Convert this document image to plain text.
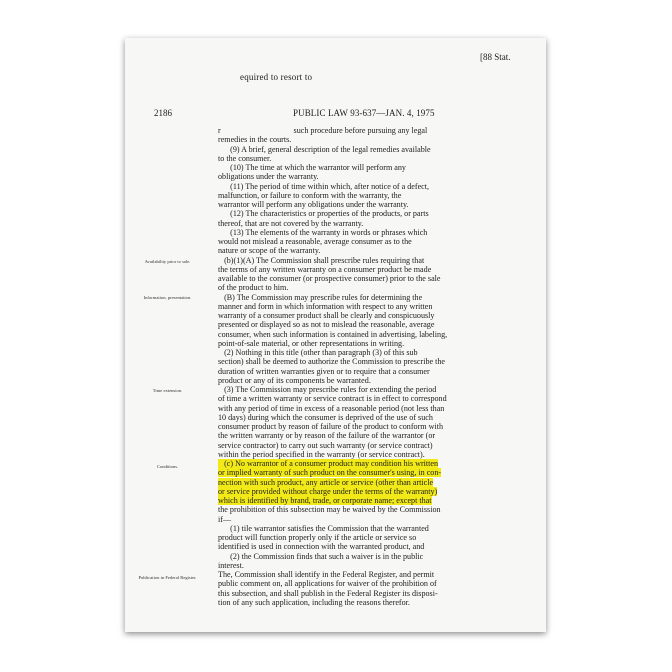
[88 Stat.
equired to resort to
2186	PUBLIC LAW 93-637—JAN. 4, 1975
Availability prior to sale.
Information, presentation.
Time extension.
Conditions.
Publication in Federal Register.
r                                    such procedure before pursuing any legal
remedies in the courts.
(9) A brief, general description of the legal remedies available
to the consumer.
(10) The time at which the warrantor will perform any
obligations under the warranty.
(11) The period of time within which, after notice of a defect,
malfunction, or failure to conform with the warranty, the
warrantor will perform any obligations under the warranty.
(12) The characteristics or properties of the products, or parts
thereof, that are not covered by the warranty.
(13) The elements of the warranty in words or phrases which
would not mislead a reasonable, average consumer as to the
nature or scope of the warranty.
(b)(1)(A) The Commission shall prescribe rules requiring that
the terms of any written warranty on a consumer product be made
available to the consumer (or prospective consumer) prior to the sale
of the product to him.
(B) The Commission may prescribe rules for determining the
manner and form in which information with respect to any written
warranty of a consumer product shall be clearly and conspicuously
presented or displayed so as not to mislead the reasonable, average
consumer, when such information is contained in advertising, labeling,
point-of-sale material, or other representations in writing.
(2) Nothing in this title (other than paragraph (3) of this sub
section) shall be deemed to authorize the Commission to prescribe the
duration of written warranties given or to require that a consumer
product or any of its components be warranted.
(3) The Commission may prescribe rules for extending the period
of time a written warranty or service contract is in effect to correspond
with any period of time in excess of a reasonable period (not less than
10 days) during which the consumer is deprived of the use of such
consumer product by reason of failure of the product to conform with
the written warranty or by reason of the failure of the warrantor (or
service contractor) to carry out such warranty (or service contract)
within the period specified in the warranty (or service contract).
(c) No warrantor of a consumer product may condition his written
or implied warranty of such product on the consumer's using, in con-
nection with such product, any article or service (other than article
or service provided without charge under the terms of the warranty)
which is identified by brand, trade, or corporate name; except that
the prohibition of this subsection may be waived by the Commission
if—
(1) tile warrantor satisfies the Commission that the warranted
product will function properly only if the article or service so
identified is used in connection with the warranted product, and
(2) the Commission finds that such a waiver is in the public
interest.
The, Commission shall identify in the Federal Register, and permit
public comment on, all applications for waiver of the prohibition of
this subsection, and shall publish in the Federal Register its disposi-
tion of any such application, including the reasons therefor.
